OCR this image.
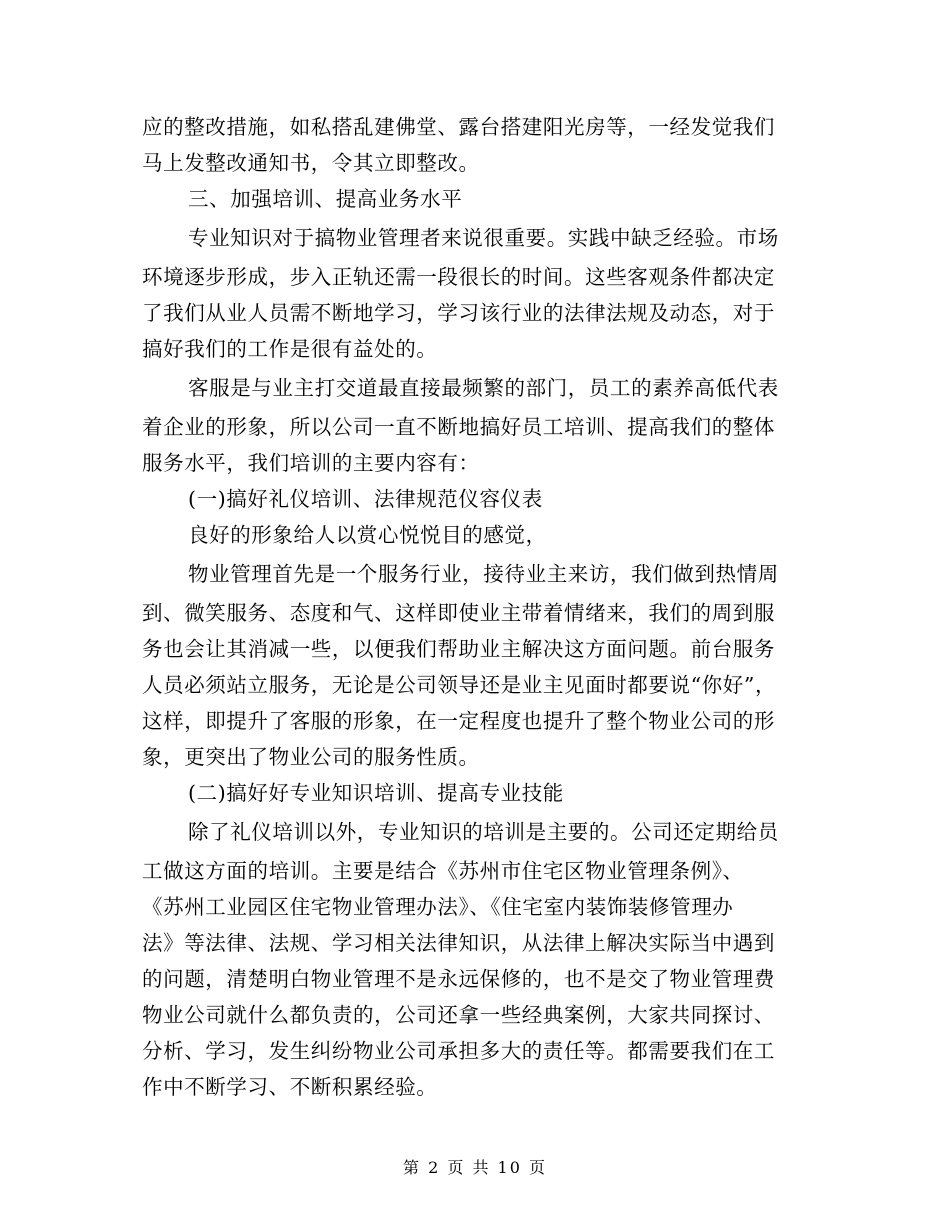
应的整改措施，如私搭乱建佛堂、露台搭建阳光房等，一经发觉我们
马上发整改通知书，令其立即整改。
三、加强培训、提高业务水平
专业知识对于搞物业管理者来说很重要。实践中缺乏经验。市场
环境逐步形成，步入正轨还需一段很长的时间。这些客观条件都决定
了我们从业人员需不断地学习，学习该行业的法律法规及动态，对于
搞好我们的工作是很有益处的。
客服是与业主打交道最直接最频繁的部门，员工的素养高低代表
着企业的形象，所以公司一直不断地搞好员工培训、提高我们的整体
服务水平，我们培训的主要内容有：
(一)搞好礼仪培训、法律规范仪容仪表
良好的形象给人以赏心悦悦目的感觉，
物业管理首先是一个服务行业，接待业主来访，我们做到热情周
到、微笑服务、态度和气、这样即使业主带着情绪来，我们的周到服
务也会让其消减一些，以便我们帮助业主解决这方面问题。前台服务
人员必须站立服务，无论是公司领导还是业主见面时都要说“你好”，
这样，即提升了客服的形象，在一定程度也提升了整个物业公司的形
象，更突出了物业公司的服务性质。
(二)搞好好专业知识培训、提高专业技能
除了礼仪培训以外，专业知识的培训是主要的。公司还定期给员
工做这方面的培训。主要是结合《苏州市住宅区物业管理条例》、
《苏州工业园区住宅物业管理办法》、《住宅室内装饰装修管理办
法》等法律、法规、学习相关法律知识，从法律上解决实际当中遇到
的问题，清楚明白物业管理不是永远保修的，也不是交了物业管理费
物业公司就什么都负责的，公司还拿一些经典案例，大家共同探讨、
分析、学习，发生纠纷物业公司承担多大的责任等。都需要我们在工
作中不断学习、不断积累经验。
第 2 页 共 10 页
